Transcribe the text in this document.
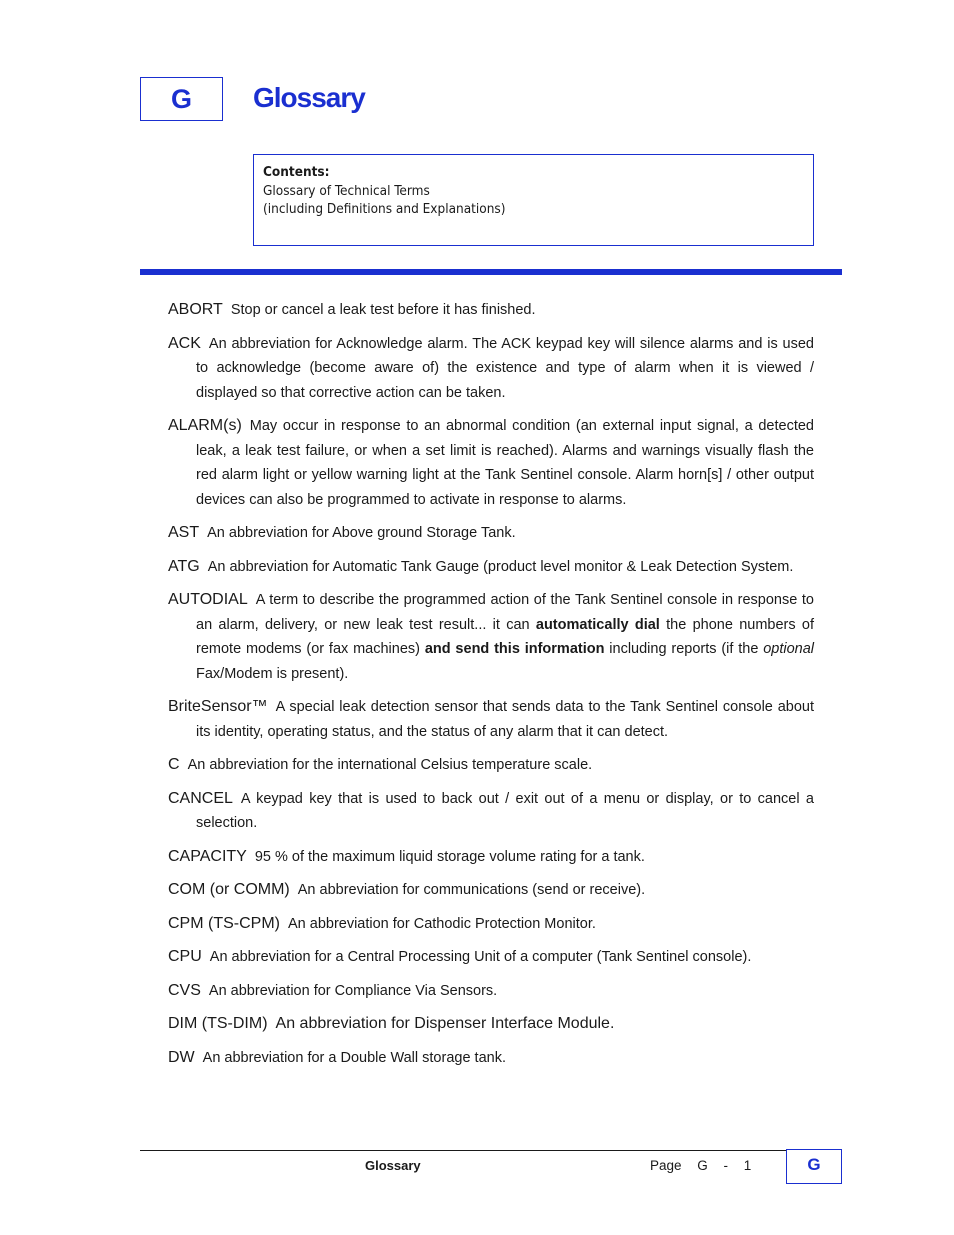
G Glossary
Contents:
Glossary of Technical Terms
(including Definitions and Explanations)

ABORT Stop or cancel a leak test before it has finished.

ACK An abbreviation for Acknowledge alarm. The ACK keypad key will silence alarms and is used to acknowledge (become aware of) the existence and type of alarm when it is viewed / displayed so that corrective action can be taken.

ALARM(s) May occur in response to an abnormal condition (an external input signal, a detected leak, a leak test failure, or when a set limit is reached). Alarms and warnings visually flash the red alarm light or yellow warning light at the Tank Sentinel console. Alarm horn[s] / other output devices can also be programmed to activate in response to alarms.

AST An abbreviation for Above ground Storage Tank.

ATG An abbreviation for Automatic Tank Gauge (product level monitor & Leak Detection System.

AUTODIAL A term to describe the programmed action of the Tank Sentinel console in response to an alarm, delivery, or new leak test result... it can automatically dial the phone numbers of remote modems (or fax machines) and send this information including reports (if the optional Fax/Modem is present).

BriteSensor™ A special leak detection sensor that sends data to the Tank Sentinel console about its identity, operating status, and the status of any alarm that it can detect.

C An abbreviation for the international Celsius temperature scale.

CANCEL A keypad key that is used to back out / exit out of a menu or display, or to cancel a selection.

CAPACITY 95 % of the maximum liquid storage volume rating for a tank.

COM (or COMM) An abbreviation for communications (send or receive).

CPM (TS-CPM) An abbreviation for Cathodic Protection Monitor.

CPU An abbreviation for a Central Processing Unit of a computer (Tank Sentinel console).

CVS An abbreviation for Compliance Via Sensors.

DIM (TS-DIM) An abbreviation for Dispenser Interface Module.

DW An abbreviation for a Double Wall storage tank.

Glossary	Page G - 1	G
